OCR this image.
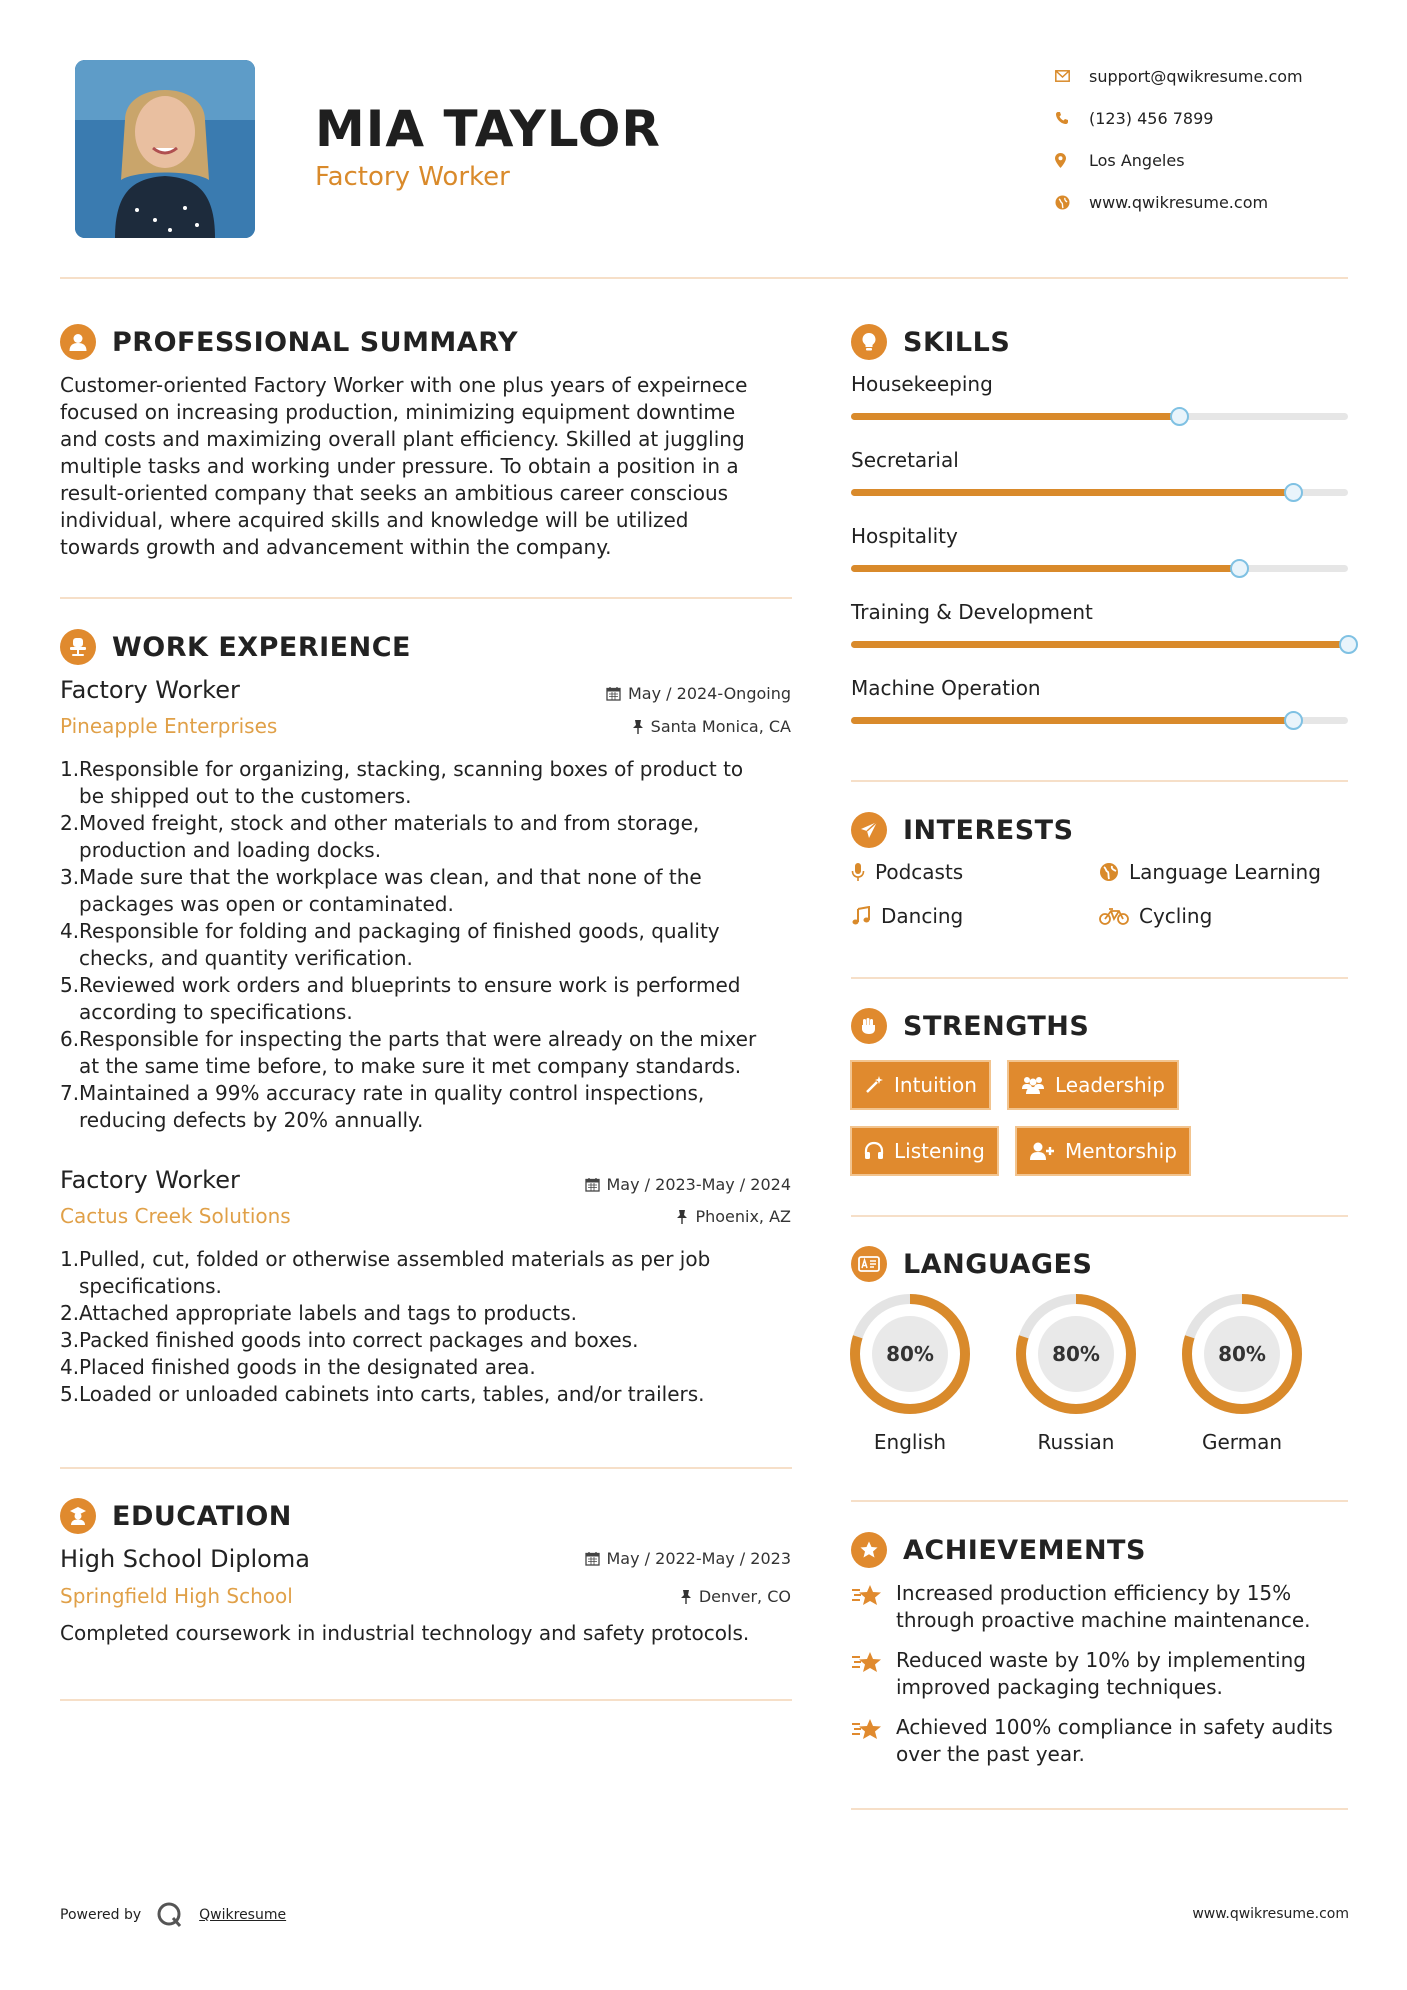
MIA TAYLOR
Factory Worker
support@qwikresume.com
(123) 456 7899
Los Angeles
www.qwikresume.com
PROFESSIONAL SUMMARY
Customer-oriented Factory Worker with one plus years of expeirnece
focused on increasing production, minimizing equipment downtime
and costs and maximizing overall plant efficiency. Skilled at juggling
multiple tasks and working under pressure. To obtain a position in a
result-oriented company that seeks an ambitious career conscious
individual, where acquired skills and knowledge will be utilized
towards growth and advancement within the company.
WORK EXPERIENCE
Factory Worker
Pineapple Enterprises
May / 2024-Ongoing
Santa Monica, CA
1. Responsible for organizing, stacking, scanning boxes of product to
be shipped out to the customers.
2. Moved freight, stock and other materials to and from storage,
production and loading docks.
3. Made sure that the workplace was clean, and that none of the
packages was open or contaminated.
4. Responsible for folding and packaging of finished goods, quality
checks, and quantity verification.
5. Reviewed work orders and blueprints to ensure work is performed
according to specifications.
6. Responsible for inspecting the parts that were already on the mixer
at the same time before, to make sure it met company standards.
7. Maintained a 99% accuracy rate in quality control inspections,
reducing defects by 20% annually.
Factory Worker
Cactus Creek Solutions
May / 2023-May / 2024
Phoenix, AZ
1. Pulled, cut, folded or otherwise assembled materials as per job
specifications.
2. Attached appropriate labels and tags to products.
3. Packed finished goods into correct packages and boxes.
4. Placed finished goods in the designated area.
5. Loaded or unloaded cabinets into carts, tables, and/or trailers.
EDUCATION
High School Diploma
Springfield High School
May / 2022-May / 2023
Denver, CO
Completed coursework in industrial technology and safety protocols.
SKILLS
Housekeeping
Secretarial
Hospitality
Training & Development
Machine Operation
INTERESTS
Podcasts	Language Learning
Dancing	Cycling
STRENGTHS
Intuition	Leadership
Listening	Mentorship
LANGUAGES
80%
English
80%
Russian
80%
German
ACHIEVEMENTS
Increased production efficiency by 15%
through proactive machine maintenance.
Reduced waste by 10% by implementing
improved packaging techniques.
Achieved 100% compliance in safety audits
over the past year.
Powered by	Qwikresume	www.qwikresume.com
